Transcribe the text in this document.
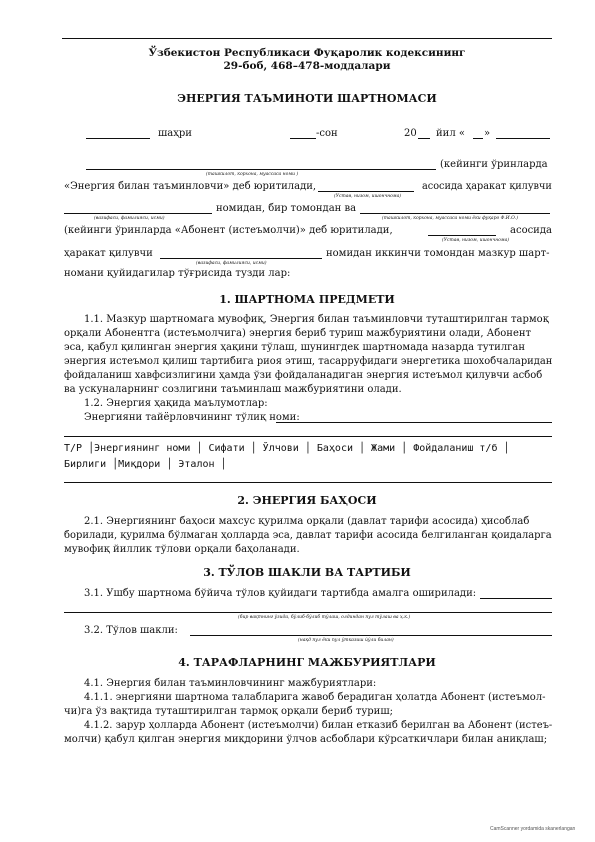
Ўзбекистон Республикаси Фуқаролик кодексининг
29-боб, 468–478-моддалари
ЭНЕРГИЯ ТАЪМИНОТИ ШАРТНОМАСИ
шаҳри	-сон	20 йил « »
(кейинги ўринларда
(ташкилот, корхона, муассаса номи )
«Энергия билан таъминловчи» деб юритилади,	асосида ҳаракат қилувчи
(Устав, низом, ишончнома)
номидан, бир томондан ва
(вазифаси, фамилияси, исми)	(ташкилот, корхона, муассаса номи ёки фуқаро Ф.И.О.)
(кейинги ўринларда «Абонент (истеъмолчи)» деб юритилади,	асосида
(Устав, низом, ишончнома)
ҳаракат қилувчи	номидан иккинчи томондан мазкур шарт-
(вазифаси, фамилияси, исми)
номани қуйидагилар тўғрисида тузди лар:
1. ШАРТНОМА ПРЕДМЕТИ
1.1. Мазкур шартномага мувофиқ, Энергия билан таъминловчи туташтирилган тармоқ
орқали Абонентга (истеъмолчига) энергия бериб туриш мажбуриятини олади, Абонент
эса, қабул қилинган энергия ҳақини тўлаш, шунингдек шартномада назарда тутилган
энергия истеъмол қилиш тартибига риоя этиш, тасарруфидаги энергетика шохобчаларидан
фойдаланиш хавфсизлигини ҳамда ўзи фойдаланадиган энергия истеъмол қилувчи асбоб
ва ускуналарнинг созлигини таъминлаш мажбуриятини олади.
1.2. Энергия ҳақида маълумотлар:
Энергияни тайёрловчининг тўлиқ номи:
Т/Р │Энергиянинг номи │ Сифати │ Ўлчови │ Баҳоси │ Жами │ Фойдаланиш т/б │
Бирлиги │Миқдори │ Эталон │
2. ЭНЕРГИЯ БАҲОСИ
2.1. Энергиянинг баҳоси махсус қурилма орқали (давлат тарифи асосида) ҳисоблаб
борилади, қурилма бўлмаган ҳолларда эса, давлат тарифи асосида белгиланган қоидаларга
мувофиқ йиллик тўлови орқали баҳоланади.
3. ТЎЛОВ ШАКЛИ ВА ТАРТИБИ
3.1. Ушбу шартнома бўйича тўлов қуйидаги тартибда амалга оширилади:
(бир вақтнинг ўзида, бўлиб-бўлиб тўлаш, олдиндан пул тўлаш ва ҳ.к.)
3.2. Тўлов шакли:
(нақд пул ёки пул ўтказиш йўли билан)
4. ТАРАФЛАРНИНГ МАЖБУРИЯТЛАРИ
4.1. Энергия билан таъминловчининг мажбуриятлари:
4.1.1. энергияни шартнома талабларига жавоб берадиган ҳолатда Абонент (истеъмол-
чи)га ўз вақтида туташтирилган тармоқ орқали бериб туриш;
4.1.2. зарур ҳолларда Абонент (истеъмолчи) билан етказиб берилган ва Абонент (истеъ-
молчи) қабул қилган энергия миқдорини ўлчов асбоблари кўрсаткичлари билан аниқлаш;
CamScanner yordamida skanerlangan
